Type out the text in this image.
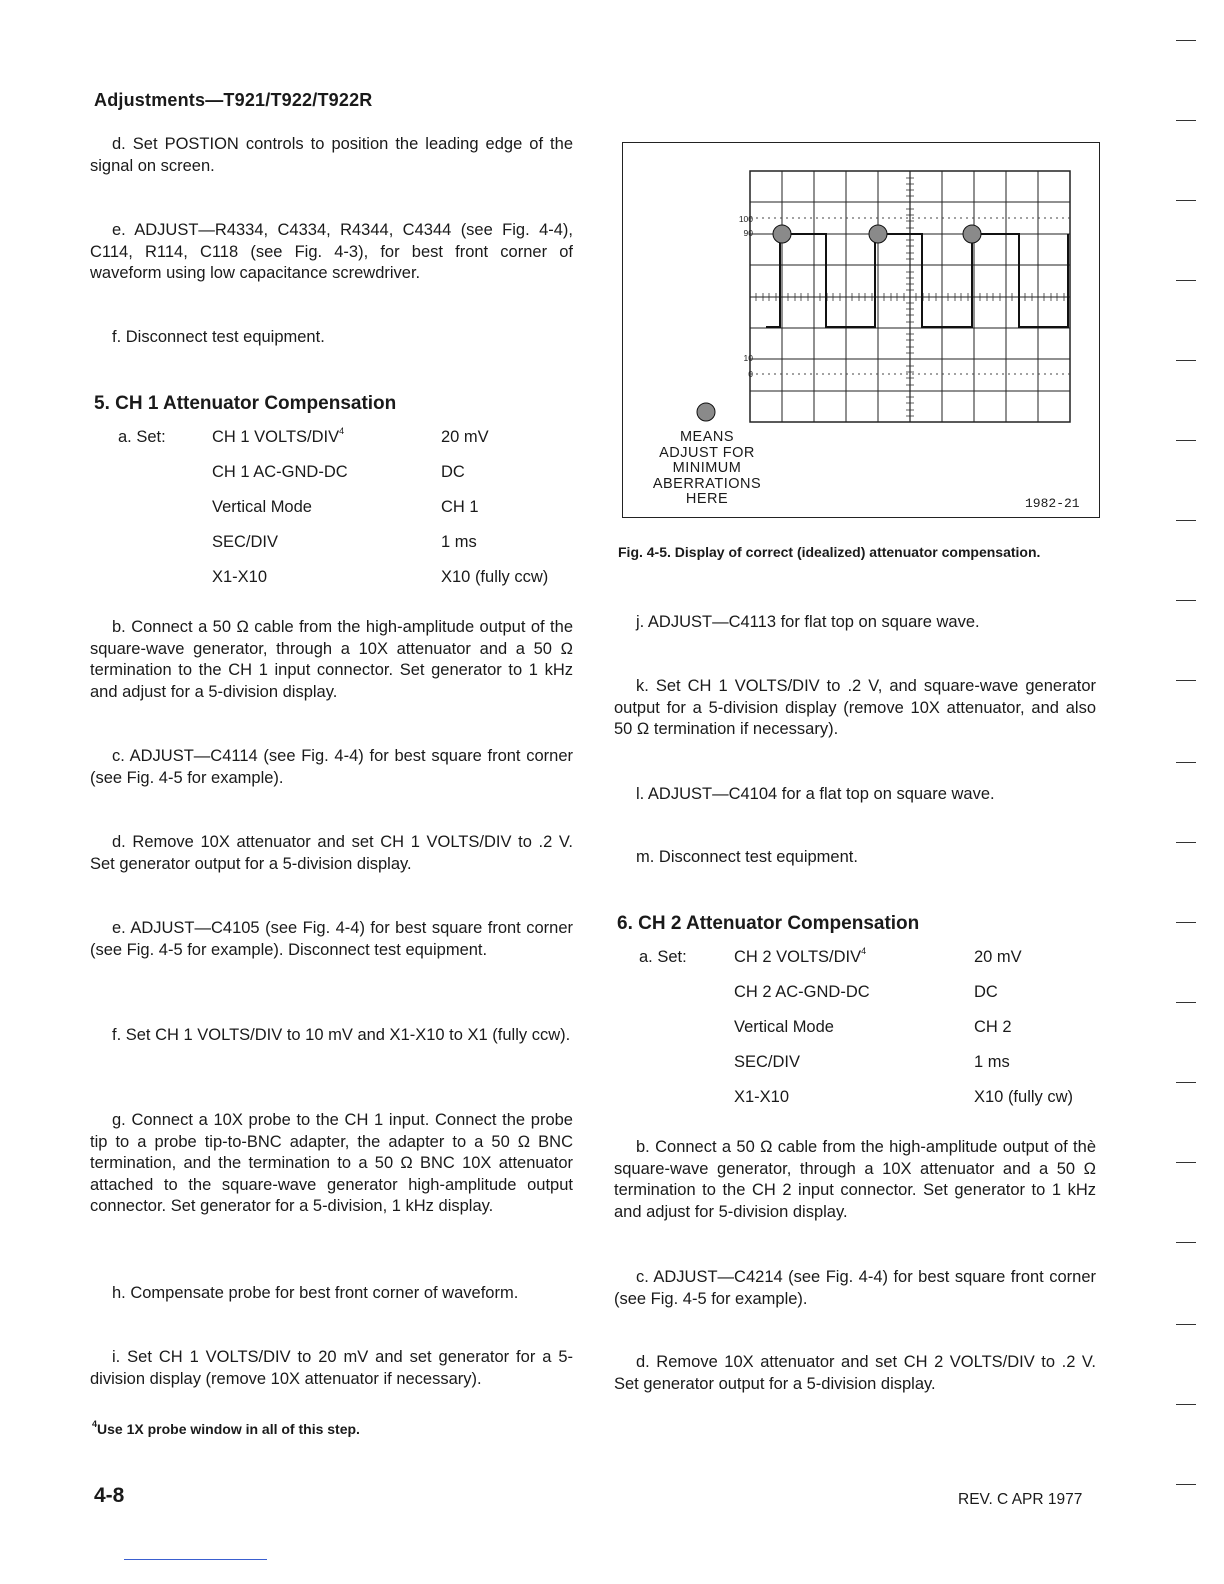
Adjustments—T921/T922/T922R

d. Set POSTION controls to position the leading edge of the signal on screen.

e. ADJUST—R4334, C4334, R4344, C4344 (see Fig. 4-4), C114, R114, C118 (see Fig. 4-3), for best front corner of waveform using low capacitance screwdriver.

f. Disconnect test equipment.

5. CH 1 Attenuator Compensation
a. Set:	CH 1 VOLTS/DIV$^4$	20 mV
CH 1 AC-GND-DC	DC
Vertical Mode	CH 1
SEC/DIV	1 ms
X1-X10	X10 (fully ccw)

b. Connect a 50 Ω cable from the high-amplitude output of the square-wave generator, through a 10X attenuator and a 50 Ω termination to the CH 1 input connector. Set generator to 1 kHz and adjust for a 5-division display.

c. ADJUST—C4114 (see Fig. 4-4) for best square front corner (see Fig. 4-5 for example).

d. Remove 10X attenuator and set CH 1 VOLTS/DIV to .2 V. Set generator output for a 5-division display.

e. ADJUST—C4105 (see Fig. 4-4) for best square front corner (see Fig. 4-5 for example). Disconnect test equipment.

f. Set CH 1 VOLTS/DIV to 10 mV and X1-X10 to X1 (fully ccw).

g. Connect a 10X probe to the CH 1 input. Connect the probe tip to a probe tip-to-BNC adapter, the adapter to a 50 Ω BNC termination, and the termination to a 50 Ω BNC 10X attenuator attached to the square-wave generator high-amplitude output connector. Set generator for a 5-division, 1 kHz display.

h. Compensate probe for best front corner of waveform.

i. Set CH 1 VOLTS/DIV to 20 mV and set generator for a 5-division display (remove 10X attenuator if necessary).

100
90
10
0
MEANS
ADJUST FOR
MINIMUM
ABERRATIONS
HERE	1982-21
Fig. 4-5. Display of correct (idealized) attenuator compensation.

j. ADJUST—C4113 for flat top on square wave.

k. Set CH 1 VOLTS/DIV to .2 V, and square-wave generator output for a 5-division display (remove 10X attenuator, and also 50 Ω termination if necessary).

l. ADJUST—C4104 for a flat top on square wave.

m. Disconnect test equipment.

6. CH 2 Attenuator Compensation
a. Set:	CH 2 VOLTS/DIV$^4$	20 mV
CH 2 AC-GND-DC	DC
Vertical Mode	CH 2
SEC/DIV	1 ms
X1-X10	X10 (fully cw)

b. Connect a 50 Ω cable from the high-amplitude output of thè square-wave generator, through a 10X attenuator and a 50 Ω termination to the CH 2 input connector. Set generator to 1 kHz and adjust for 5-division display.

c. ADJUST—C4214 (see Fig. 4-4) for best square front corner (see Fig. 4-5 for example).

d. Remove 10X attenuator and set CH 2 VOLTS/DIV to .2 V. Set generator output for a 5-division display.

$^4$Use 1X probe window in all of this step.
4-8	REV. C APR 1977
